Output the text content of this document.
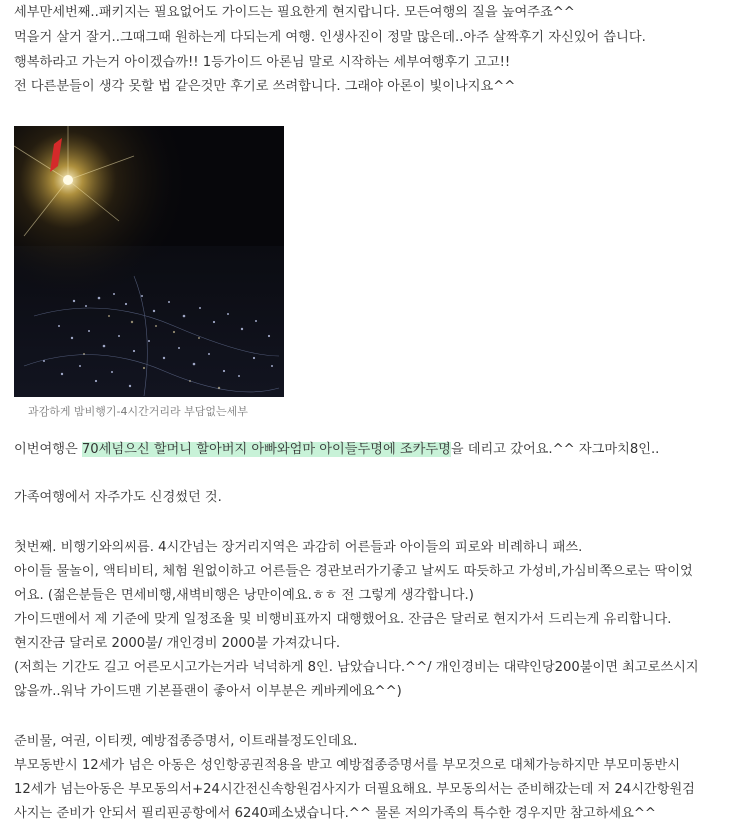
세부만세번째..패키지는 필요없어도 가이드는 필요한게 현지랍니다. 모든여행의 질을 높여주죠^^
먹을거 살거 잘거..그때그때 원하는게 다되는게 여행. 인생사진이 정말 많은데..아주 살짝후기 자신있어 씁니다.
행복하라고 가는거 아이겠습까!! 1등가이드 아론님 말로 시작하는 세부여행후기 고고!!
전 다른분들이 생각 못할 법 같은것만 후기로 쓰려합니다. 그래야 아론이 빛이나지요^^
과감하게 밤비행기-4시간거리라 부담없는세부
이번여행은 70세넘으신 할머니 할아버지 아빠와엄마 아이들두명에 조카두명을 데리고 갔어요.^^ 자그마치8인..
가족여행에서 자주가도 신경썼던 것.
첫번째. 비행기와의씨름. 4시간넘는 장거리지역은 과감히 어른들과 아이들의 피로와 비례하니 패쓰.
아이들 물놀이, 액티비티, 체험 원없이하고 어른들은 경관보러가기좋고 날씨도 따듯하고 가성비,가심비쪽으로는 딱이었
어요. (젊은분들은 면세비행,새벽비행은 낭만이예요.ㅎㅎ 전 그렇게 생각합니다.)
가이드맨에서 제 기준에 맞게 일정조율 및 비행비표까지 대행했어요. 잔금은 달러로 현지가서 드리는게 유리합니다.
현지잔금 달러로 2000불/ 개인경비 2000불 가져갔니다.
(저희는 기간도 길고 어른모시고가는거라 넉넉하게 8인. 남았습니다.^^/ 개인경비는 대략인당200불이면 최고로쓰시지
않을까..워낙 가이드맨 기본플랜이 좋아서 이부분은 케바케에요^^)
준비물, 여권, 이티켓, 예방접종증명서, 이트래블정도인데요.
부모동반시 12세가 넘은 아동은 성인항공권적용을 받고 예방접종증명서를 부모것으로 대체가능하지만 부모미동반시
12세가 넘는아동은 부모동의서+24시간전신속항원검사지가 더필요해요. 부모동의서는 준비해갔는데 저 24시간항원검
사지는 준비가 안되서 필리핀공항에서 6240페소냈습니다.^^ 물론 저의가족의 특수한 경우지만 참고하세요^^
